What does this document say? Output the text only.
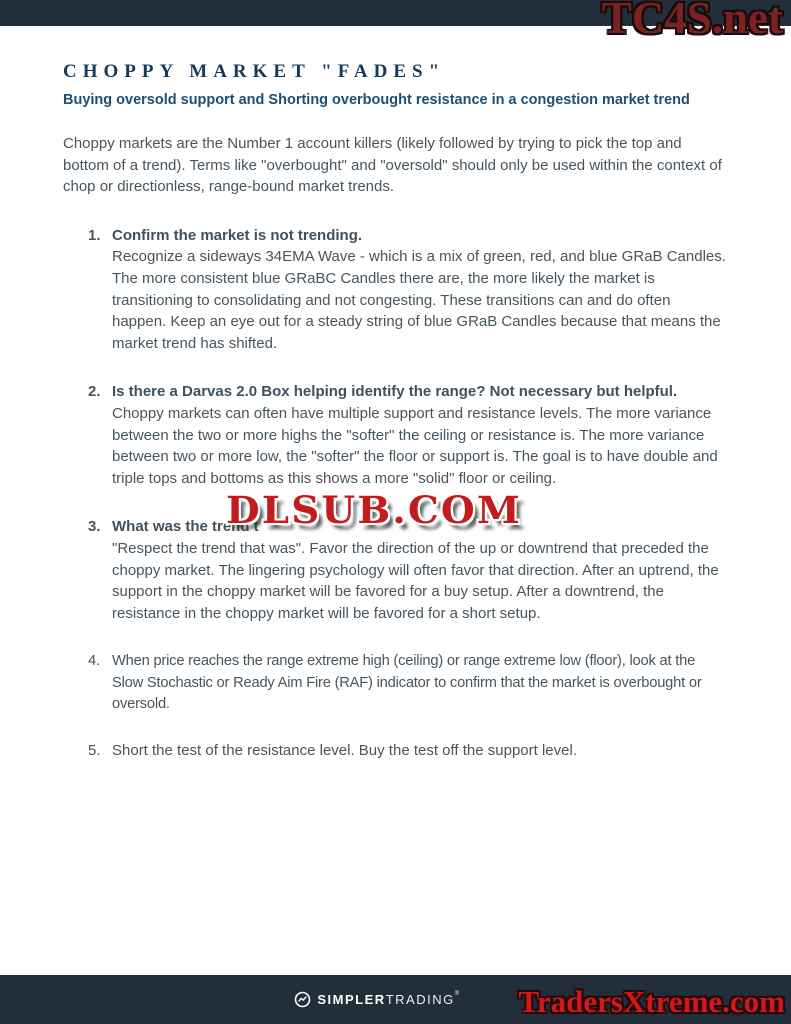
TC4S.net
CHOPPY MARKET "FADES"
Buying oversold support and Shorting overbought resistance in a congestion market trend

Choppy markets are the Number 1 account killers (likely followed by trying to pick the top and bottom of a trend). Terms like "overbought" and "oversold" should only be used within the context of chop or directionless, range-bound market trends.

1. Confirm the market is not trending.
Recognize a sideways 34EMA Wave - which is a mix of green, red, and blue GRaB Candles. The more consistent blue GRaBC Candles there are, the more likely the market is transitioning to consolidating and not congesting. These transitions can and do often happen. Keep an eye out for a steady string of blue GRaB Candles because that means the market trend has shifted.
2. Is there a Darvas 2.0 Box helping identify the range? Not necessary but helpful.
Choppy markets can often have multiple support and resistance levels. The more variance between the two or more highs the "softer" the ceiling or resistance is. The more variance between two or more low, the "softer" the floor or support is. The goal is to have double and triple tops and bottoms as this shows a more "solid" floor or ceiling.
3. What was the trend t
"Respect the trend that was". Favor the direction of the up or downtrend that preceded the choppy market. The lingering psychology will often favor that direction. After an uptrend, the support in the choppy market will be favored for a buy setup. After a downtrend, the resistance in the choppy market will be favored for a short setup.
4. When price reaches the range extreme high (ceiling) or range extreme low (floor), look at the Slow Stochastic or Ready Aim Fire (RAF) indicator to confirm that the market is overbought or oversold.
5. Short the test of the resistance level. Buy the test off the support level.
DLSUB.COM
SIMPLERTRADING® TradersXtreme.com
